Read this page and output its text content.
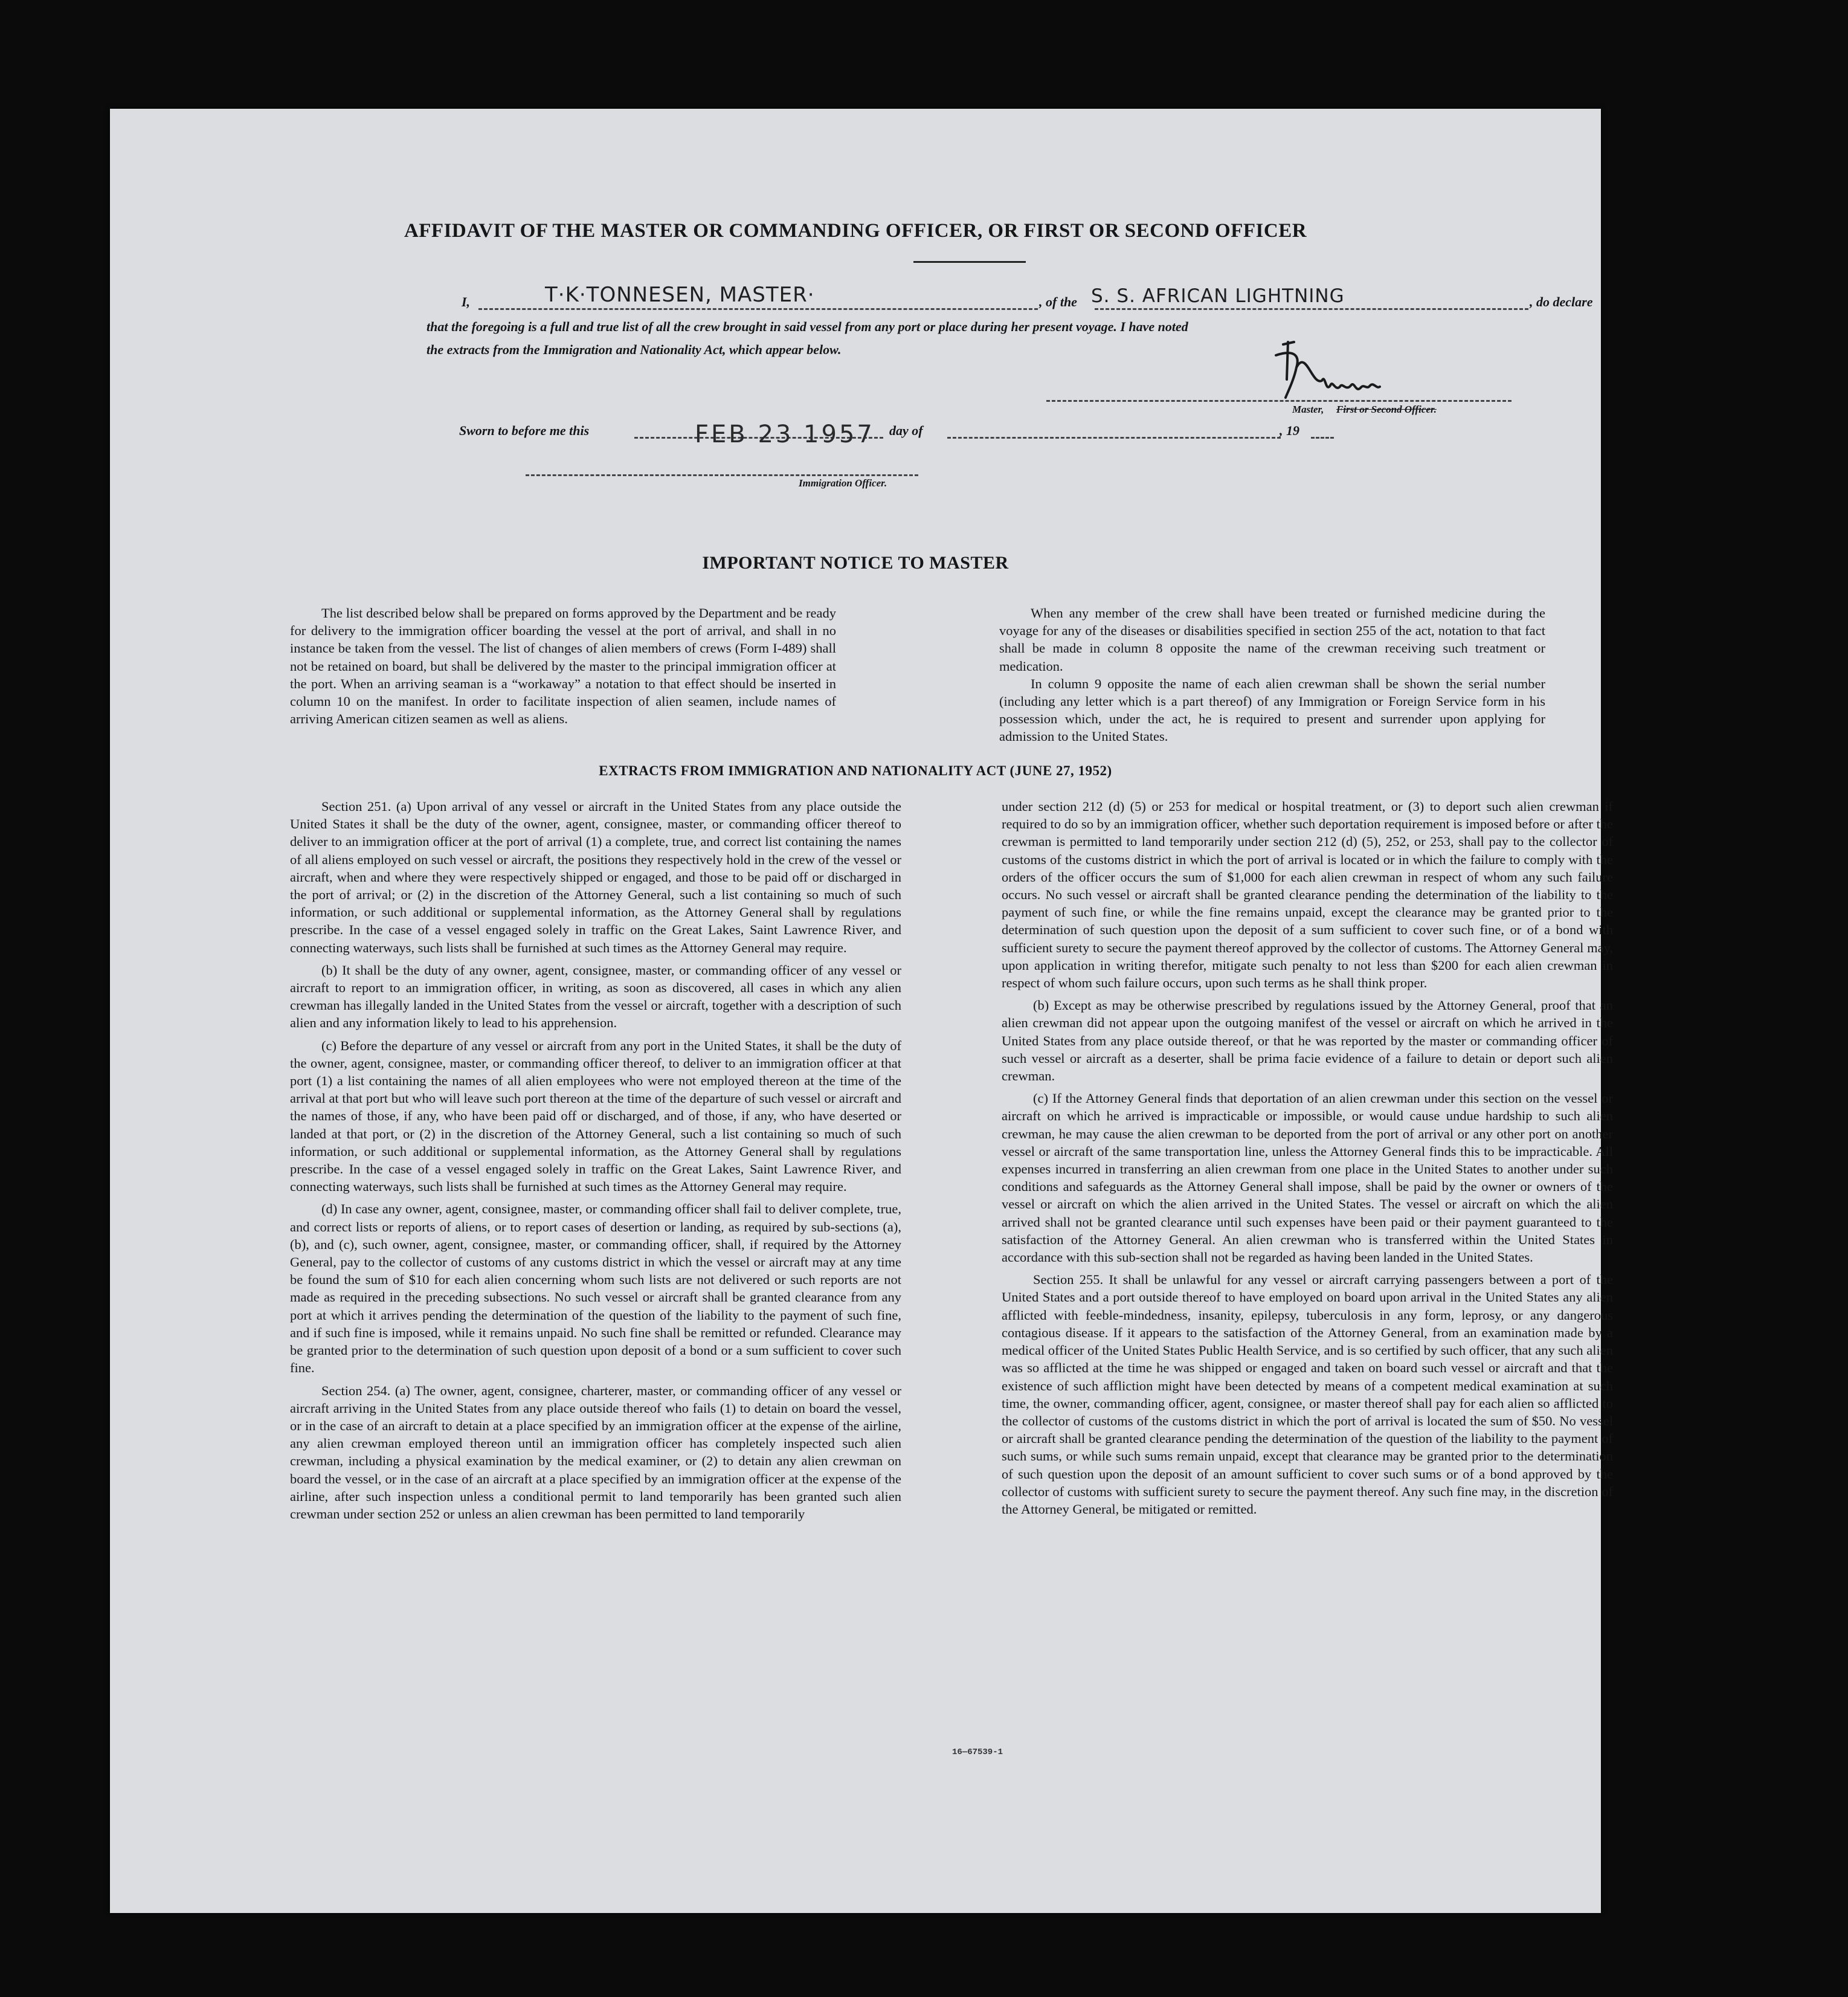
AFFIDAVIT OF THE MASTER OR COMMANDING OFFICER, OR FIRST OR SECOND OFFICER
I,	T·K·TONNESEN, MASTER·	, of the S. S. AFRICAN LIGHTNING	, do declare
that the foregoing is a full and true list of all the crew brought in said vessel from any port or place during her present voyage. I have noted
the extracts from the Immigration and Nationality Act, which appear below.
Master, First or Second Officer.
Sworn to before me this	FEB 23 1957 day of	, 19
Immigration Officer.
IMPORTANT NOTICE TO MASTER

The list described below shall be prepared on forms approved by the Department and be ready for delivery to the immigration officer boarding the vessel at the port of arrival, and shall in no instance be taken from the vessel. The list of changes of alien members of crews (Form I-489) shall not be retained on board, but shall be delivered by the master to the principal immigration officer at the port. When an arriving seaman is a “workaway” a notation to that effect should be inserted in column 10 on the manifest. In order to facilitate inspection of alien seamen, include names of arriving American citizen seamen as well as aliens.

When any member of the crew shall have been treated or furnished medicine during the voyage for any of the diseases or disabilities specified in section 255 of the act, notation to that fact shall be made in column 8 opposite the name of the crewman receiving such treatment or medication.

In column 9 opposite the name of each alien crewman shall be shown the serial number (including any letter which is a part thereof) of any Immigration or Foreign Service form in his possession which, under the act, he is required to present and surrender upon applying for admission to the United States.

EXTRACTS FROM IMMIGRATION AND NATIONALITY ACT (JUNE 27, 1952)

Section 251. (a) Upon arrival of any vessel or aircraft in the United States from any place outside the United States it shall be the duty of the owner, agent, consignee, master, or commanding officer thereof to deliver to an immigration officer at the port of arrival (1) a complete, true, and correct list containing the names of all aliens employed on such vessel or aircraft, the positions they respectively hold in the crew of the vessel or aircraft, when and where they were respectively shipped or engaged, and those to be paid off or discharged in the port of arrival; or (2) in the discretion of the Attorney General, such a list containing so much of such information, or such additional or supplemental information, as the Attorney General shall by regulations prescribe. In the case of a vessel engaged solely in traffic on the Great Lakes, Saint Lawrence River, and connecting waterways, such lists shall be furnished at such times as the Attorney General may require.

(b) It shall be the duty of any owner, agent, consignee, master, or commanding officer of any vessel or aircraft to report to an immigration officer, in writing, as soon as discovered, all cases in which any alien crewman has illegally landed in the United States from the vessel or aircraft, together with a description of such alien and any information likely to lead to his apprehension.

(c) Before the departure of any vessel or aircraft from any port in the United States, it shall be the duty of the owner, agent, consignee, master, or commanding officer thereof, to deliver to an immigration officer at that port (1) a list containing the names of all alien employees who were not employed thereon at the time of the arrival at that port but who will leave such port thereon at the time of the departure of such vessel or aircraft and the names of those, if any, who have been paid off or discharged, and of those, if any, who have deserted or landed at that port, or (2) in the discretion of the Attorney General, such a list containing so much of such information, or such additional or supplemental information, as the Attorney General shall by regulations prescribe. In the case of a vessel engaged solely in traffic on the Great Lakes, Saint Lawrence River, and connecting waterways, such lists shall be furnished at such times as the Attorney General may require.

(d) In case any owner, agent, consignee, master, or commanding officer shall fail to deliver complete, true, and correct lists or reports of aliens, or to report cases of desertion or landing, as required by sub-sections (a), (b), and (c), such owner, agent, consignee, master, or commanding officer, shall, if required by the Attorney General, pay to the collector of customs of any customs district in which the vessel or aircraft may at any time be found the sum of $10 for each alien concerning whom such lists are not delivered or such reports are not made as required in the preceding subsections. No such vessel or aircraft shall be granted clearance from any port at which it arrives pending the determination of the question of the liability to the payment of such fine, and if such fine is imposed, while it remains unpaid. No such fine shall be remitted or refunded. Clearance may be granted prior to the determination of such question upon deposit of a bond or a sum sufficient to cover such fine.

Section 254. (a) The owner, agent, consignee, charterer, master, or commanding officer of any vessel or aircraft arriving in the United States from any place outside thereof who fails (1) to detain on board the vessel, or in the case of an aircraft to detain at a place specified by an immigration officer at the expense of the airline, any alien crewman employed thereon until an immigration officer has completely inspected such alien crewman, including a physical examination by the medical examiner, or (2) to detain any alien crewman on board the vessel, or in the case of an aircraft at a place specified by an immigration officer at the expense of the airline, after such inspection unless a conditional permit to land temporarily has been granted such alien crewman under section 252 or unless an alien crewman has been permitted to land temporarily

under section 212 (d) (5) or 253 for medical or hospital treatment, or (3) to deport such alien crewman if required to do so by an immigration officer, whether such deportation requirement is imposed before or after the crewman is permitted to land temporarily under section 212 (d) (5), 252, or 253, shall pay to the collector of customs of the customs district in which the port of arrival is located or in which the failure to comply with the orders of the officer occurs the sum of $1,000 for each alien crewman in respect of whom any such failure occurs. No such vessel or aircraft shall be granted clearance pending the determination of the liability to the payment of such fine, or while the fine remains unpaid, except the clearance may be granted prior to the determination of such question upon the deposit of a sum sufficient to cover such fine, or of a bond with sufficient surety to secure the payment thereof approved by the collector of customs. The Attorney General may, upon application in writing therefor, mitigate such penalty to not less than $200 for each alien crewman in respect of whom such failure occurs, upon such terms as he shall think proper.

(b) Except as may be otherwise prescribed by regulations issued by the Attorney General, proof that an alien crewman did not appear upon the outgoing manifest of the vessel or aircraft on which he arrived in the United States from any place outside thereof, or that he was reported by the master or commanding officer of such vessel or aircraft as a deserter, shall be prima facie evidence of a failure to detain or deport such alien crewman.

(c) If the Attorney General finds that deportation of an alien crewman under this section on the vessel or aircraft on which he arrived is impracticable or impossible, or would cause undue hardship to such alien crewman, he may cause the alien crewman to be deported from the port of arrival or any other port on another vessel or aircraft of the same transportation line, unless the Attorney General finds this to be impracticable. All expenses incurred in transferring an alien crewman from one place in the United States to another under such conditions and safeguards as the Attorney General shall impose, shall be paid by the owner or owners of the vessel or aircraft on which the alien arrived in the United States. The vessel or aircraft on which the alien arrived shall not be granted clearance until such expenses have been paid or their payment guaranteed to the satisfaction of the Attorney General. An alien crewman who is transferred within the United States in accordance with this sub-section shall not be regarded as having been landed in the United States.

Section 255. It shall be unlawful for any vessel or aircraft carrying passengers between a port of the United States and a port outside thereof to have employed on board upon arrival in the United States any alien afflicted with feeble-mindedness, insanity, epilepsy, tuberculosis in any form, leprosy, or any dangerous contagious disease. If it appears to the satisfaction of the Attorney General, from an examination made by a medical officer of the United States Public Health Service, and is so certified by such officer, that any such alien was so afflicted at the time he was shipped or engaged and taken on board such vessel or aircraft and that the existence of such affliction might have been detected by means of a competent medical examination at such time, the owner, commanding officer, agent, consignee, or master thereof shall pay for each alien so afflicted to the collector of customs of the customs district in which the port of arrival is located the sum of $50. No vessel or aircraft shall be granted clearance pending the determination of the question of the liability to the payment of such sums, or while such sums remain unpaid, except that clearance may be granted prior to the determination of such question upon the deposit of an amount sufficient to cover such sums or of a bond approved by the collector of customs with sufficient surety to secure the payment thereof. Any such fine may, in the discretion of the Attorney General, be mitigated or remitted.

16—67539-1
